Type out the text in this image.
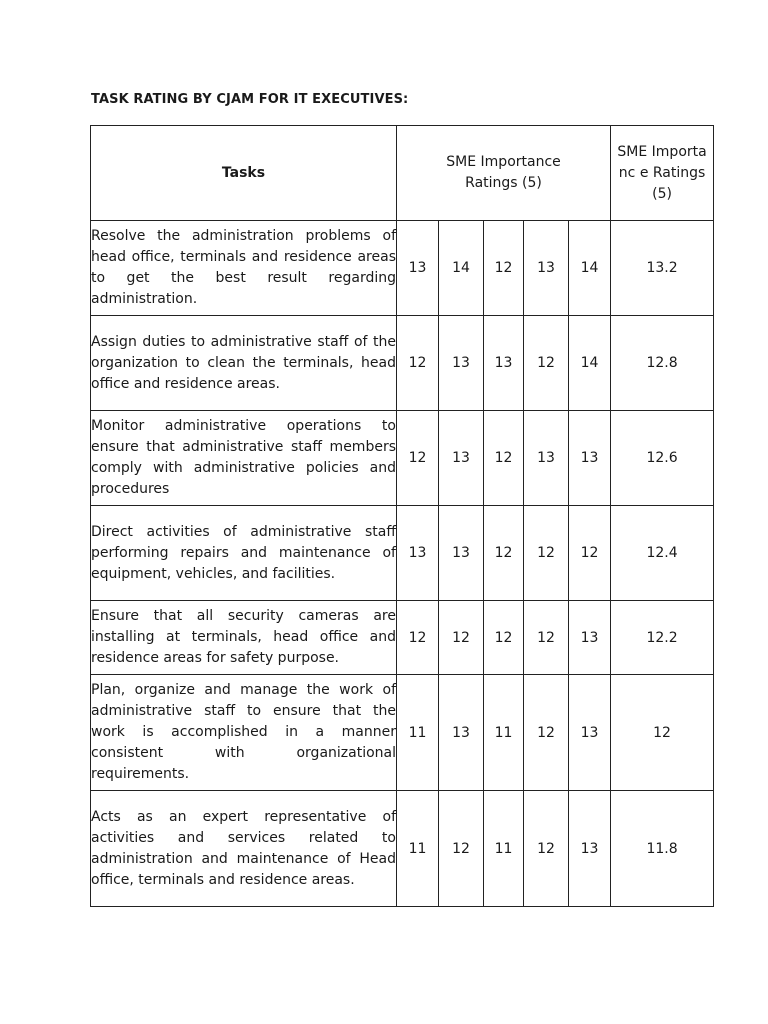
TASK RATING BY CJAM FOR IT EXECUTIVES:
Tasks	SME Importance Ratings (5)					SME Importanc e Ratings (5)

Resolve the administration problems of head office, terminals and residence areas to get the best result regarding administration.	13	14	12	13	14	13.2
Assign duties to administrative staff of the organization to clean the terminals, head office and residence areas.	12	13	13	12	14	12.8
Monitor administrative operations to ensure that administrative staff members comply with administrative policies and procedures	12	13	12	13	13	12.6
Direct activities of administrative staff performing repairs and maintenance of equipment, vehicles, and facilities.	13	13	12	12	12	12.4
Ensure that all security cameras are installing at terminals, head office and residence areas for safety purpose.	12	12	12	12	13	12.2
Plan, organize and manage the work of administrative staff to ensure that the work is accomplished in a manner consistent with organizational requirements.	11	13	11	12	13	12
Acts as an expert representative of activities and services related to administration and maintenance of Head office, terminals and residence areas.	11	12	11	12	13	11.8
